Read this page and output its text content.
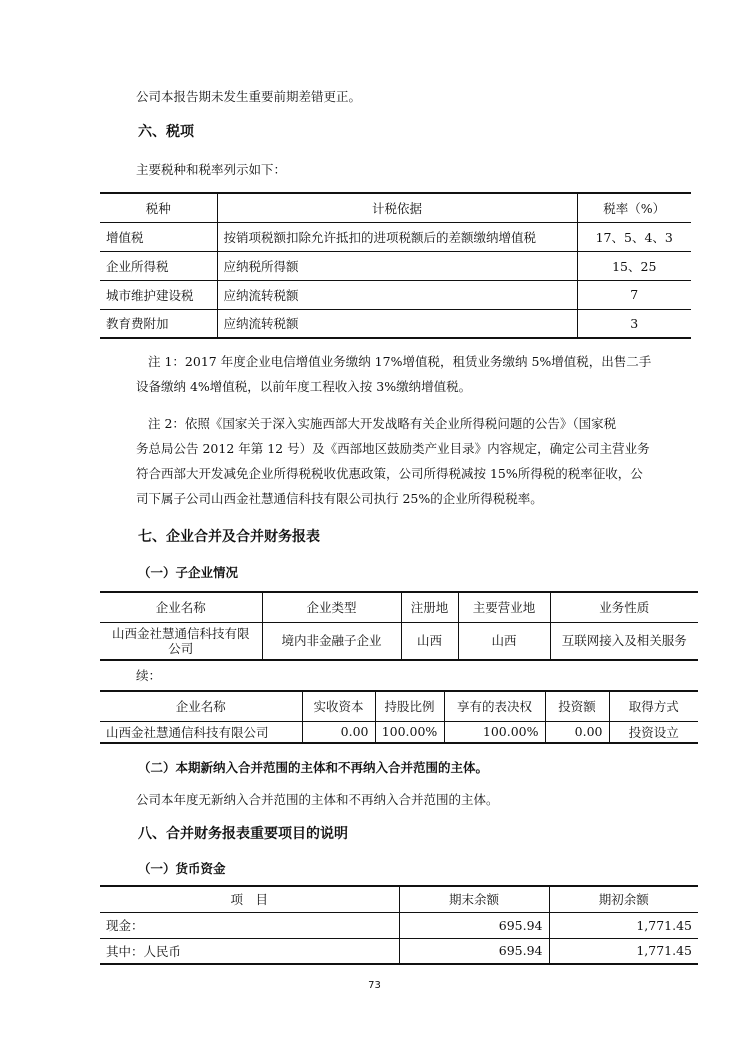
公司本报告期未发生重要前期差错更正。
六、税项
主要税种和税率列示如下：
税种	计税依据	税率（%）
增值税	按销项税额扣除允许抵扣的进项税额后的差额缴纳增值税	17、5、4、3
企业所得税	应纳税所得额	15、25
城市维护建设税	应纳流转税额	7
教育费附加	应纳流转税额	3
注 1：2017 年度企业电信增值业务缴纳 17%增值税，租赁业务缴纳 5%增值税，出售二手
设备缴纳 4%增值税，以前年度工程收入按 3%缴纳增值税。
注 2：依照《国家关于深入实施西部大开发战略有关企业所得税问题的公告》（国家税
务总局公告 2012 年第 12 号）及《西部地区鼓励类产业目录》内容规定，确定公司主营业务
符合西部大开发减免企业所得税税收优惠政策，公司所得税减按 15%所得税的税率征收，公
司下属子公司山西金社慧通信科技有限公司执行 25%的企业所得税税率。
七、企业合并及合并财务报表
（一）子企业情况
企业名称	企业类型	注册地	主要营业地	业务性质
山西金社慧通信科技有限公司	境内非金融子企业	山西	山西	互联网接入及相关服务
续：
企业名称	实收资本	持股比例	享有的表决权	投资额	取得方式
山西金社慧通信科技有限公司	0.00	100.00%	100.00%	0.00	投资设立
（二）本期新纳入合并范围的主体和不再纳入合并范围的主体。
公司本年度无新纳入合并范围的主体和不再纳入合并范围的主体。
八、合并财务报表重要项目的说明
（一）货币资金
项　目	期末余额	期初余额
现金：	695.94	1,771.45
其中：人民币	695.94	1,771.45
73
